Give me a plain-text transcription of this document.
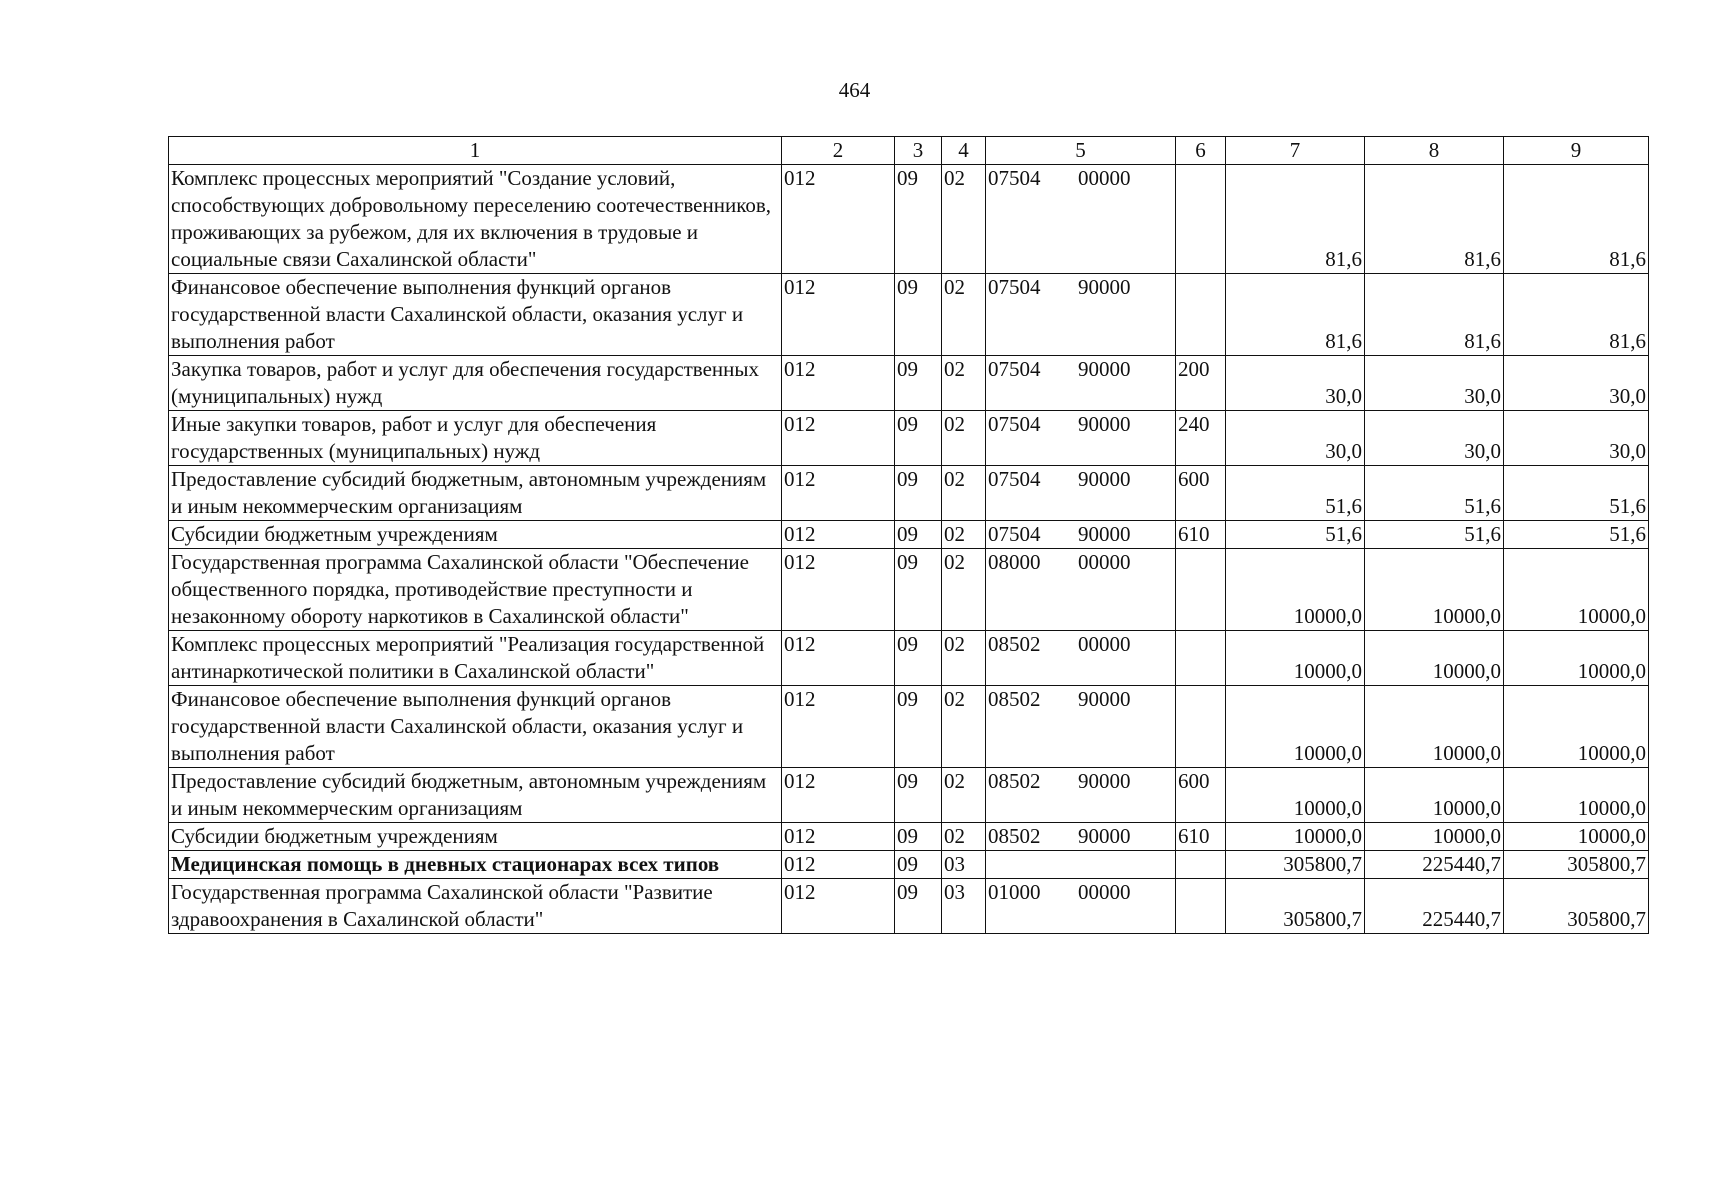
464
1	2	3	4	5	6	7	8	9
Комплекс процессных мероприятий "Создание условий, способствующих добровольному переселению соотечественников, проживающих за рубежом, для их включения в трудовые и социальные связи Сахалинской области"	012	09	02	07504 00000		81,6	81,6	81,6
Финансовое обеспечение выполнения функций органов государственной власти Сахалинской области, оказания услуг и выполнения работ	012	09	02	07504 90000		81,6	81,6	81,6
Закупка товаров, работ и услуг для обеспечения государственных (муниципальных) нужд	012	09	02	07504 90000	200	30,0	30,0	30,0
Иные закупки товаров, работ и услуг для обеспечения государственных (муниципальных) нужд	012	09	02	07504 90000	240	30,0	30,0	30,0
Предоставление субсидий бюджетным, автономным учреждениям и иным некоммерческим организациям	012	09	02	07504 90000	600	51,6	51,6	51,6
Субсидии бюджетным учреждениям	012	09	02	07504 90000	610	51,6	51,6	51,6
Государственная программа Сахалинской области "Обеспечение общественного порядка, противодействие преступности и незаконному обороту наркотиков в Сахалинской области"	012	09	02	08000 00000		10000,0	10000,0	10000,0
Комплекс процессных мероприятий "Реализация государственной антинаркотической политики в Сахалинской области"	012	09	02	08502 00000		10000,0	10000,0	10000,0
Финансовое обеспечение выполнения функций органов государственной власти Сахалинской области, оказания услуг и выполнения работ	012	09	02	08502 90000		10000,0	10000,0	10000,0
Предоставление субсидий бюджетным, автономным учреждениям и иным некоммерческим организациям	012	09	02	08502 90000	600	10000,0	10000,0	10000,0
Субсидии бюджетным учреждениям	012	09	02	08502 90000	610	10000,0	10000,0	10000,0
Медицинская помощь в дневных стационарах всех типов	012	09	03			305800,7	225440,7	305800,7
Государственная программа Сахалинской области "Развитие здравоохранения в Сахалинской области"	012	09	03	01000 00000		305800,7	225440,7	305800,7
